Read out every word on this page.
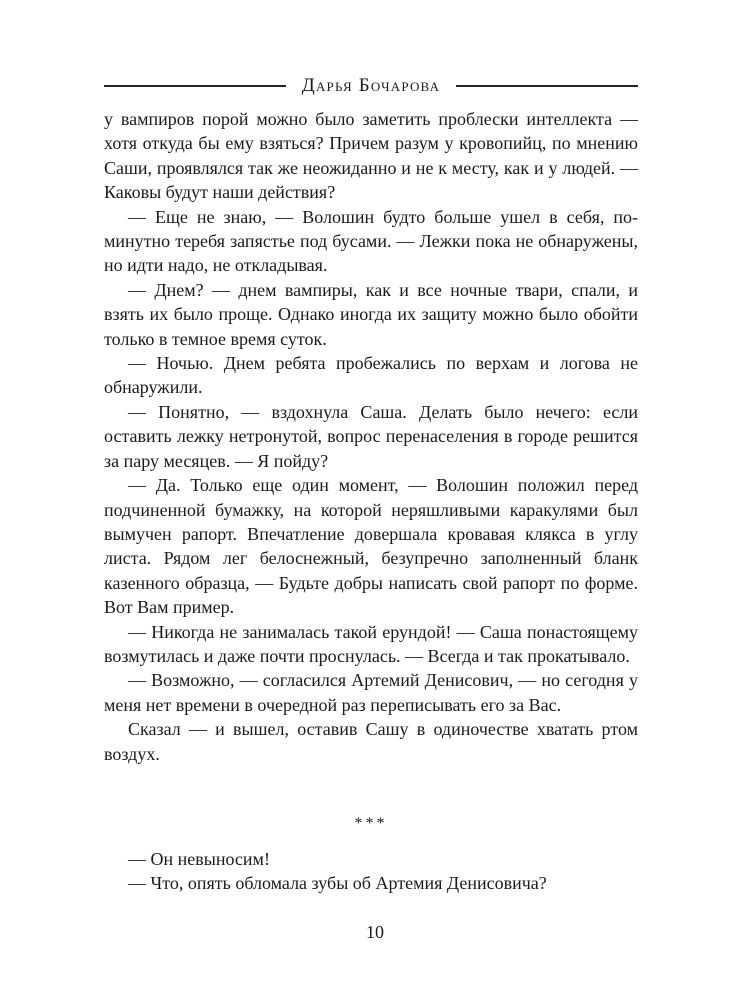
Дарья Бочарова

у вампиров порой можно было заметить проблески интеллекта — хотя откуда бы ему взяться? Причем разум у кровопийц, по мнению Саши, проявлялся так же неожиданно и не к месту, как и у людей. — Каковы будут наши действия?

— Еще не знаю, — Волошин будто больше ушел в себя, поминутно теребя запястье под бусами. — Лежки пока не обнаружены, но идти надо, не откладывая.

— Днем? — днем вампиры, как и все ночные твари, спали, и взять их было проще. Однако иногда их защиту можно было обойти только в темное время суток.

— Ночью. Днем ребята пробежались по верхам и логова не обнаружили.

— Понятно, — вздохнула Саша. Делать было нечего: если оставить лежку нетронутой, вопрос перенаселения в городе решится за пару месяцев. — Я пойду?

— Да. Только еще один момент, — Волошин положил перед подчиненной бумажку, на которой неряшливыми каракулями был вымучен рапорт. Впечатление довершала кровавая клякса в углу листа. Рядом лег белоснежный, безупречно заполненный бланк казенного образца, — Будьте добры написать свой рапорт по форме. Вот Вам пример.

— Никогда не занималась такой ерундой! — Саша понастоящему возмутилась и даже почти проснулась. — Всегда и так прокатывало.

— Возможно, — согласился Артемий Денисович, — но сегодня у меня нет времени в очередной раз переписывать его за Вас.

Сказал — и вышел, оставив Сашу в одиночестве хватать ртом воздух.

***

— Он невыносим!

— Что, опять обломала зубы об Артемия Денисовича?

10
